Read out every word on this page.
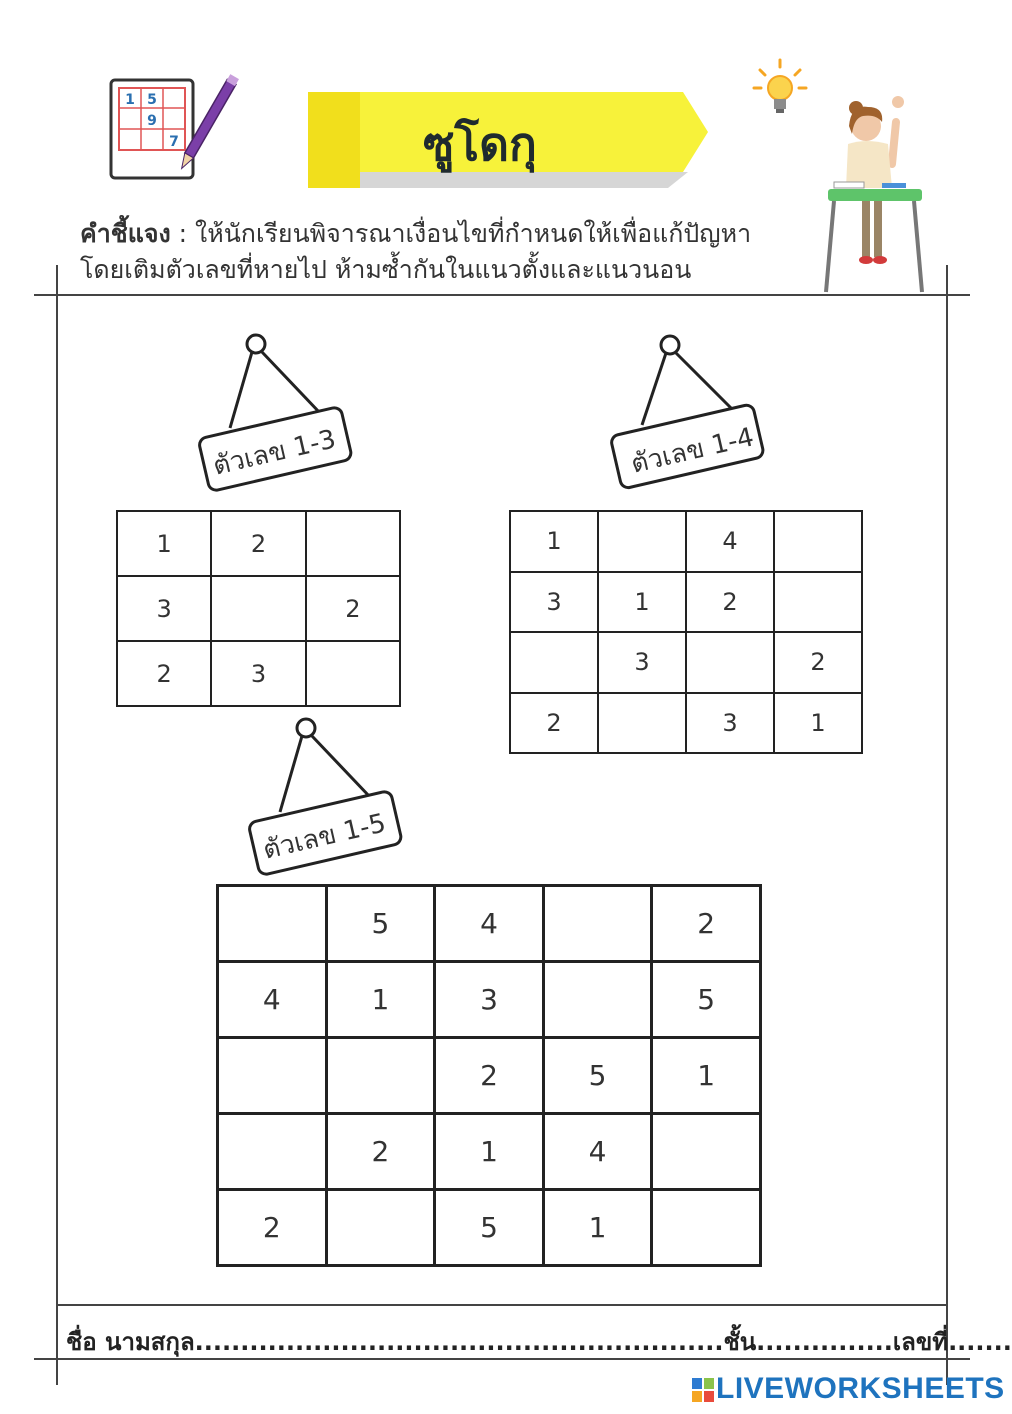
1 5
9
7	ซูโดกุ
คำชี้แจง : ให้นักเรียนพิจารณาเงื่อนไขที่กำหนดให้เพื่อแก้ปัญหา
โดยเติมตัวเลขที่หายไป ห้ามซ้ำกันในแนวตั้งและแนวนอน
ตัวเลข 1-3	ตัวเลข 1-4
ตัวเลข 1-5
1	2	
3		2
2	3	
1		4	
3	1	2	
	3		2
2		3	1
	5	4		2
4	1	3		5
		2	5	1
	2	1	4	
2		5	1	
ชื่อ นามสกุล..........................................................ชั้น...............เลขที่.......
LIVEWORKSHEETS
